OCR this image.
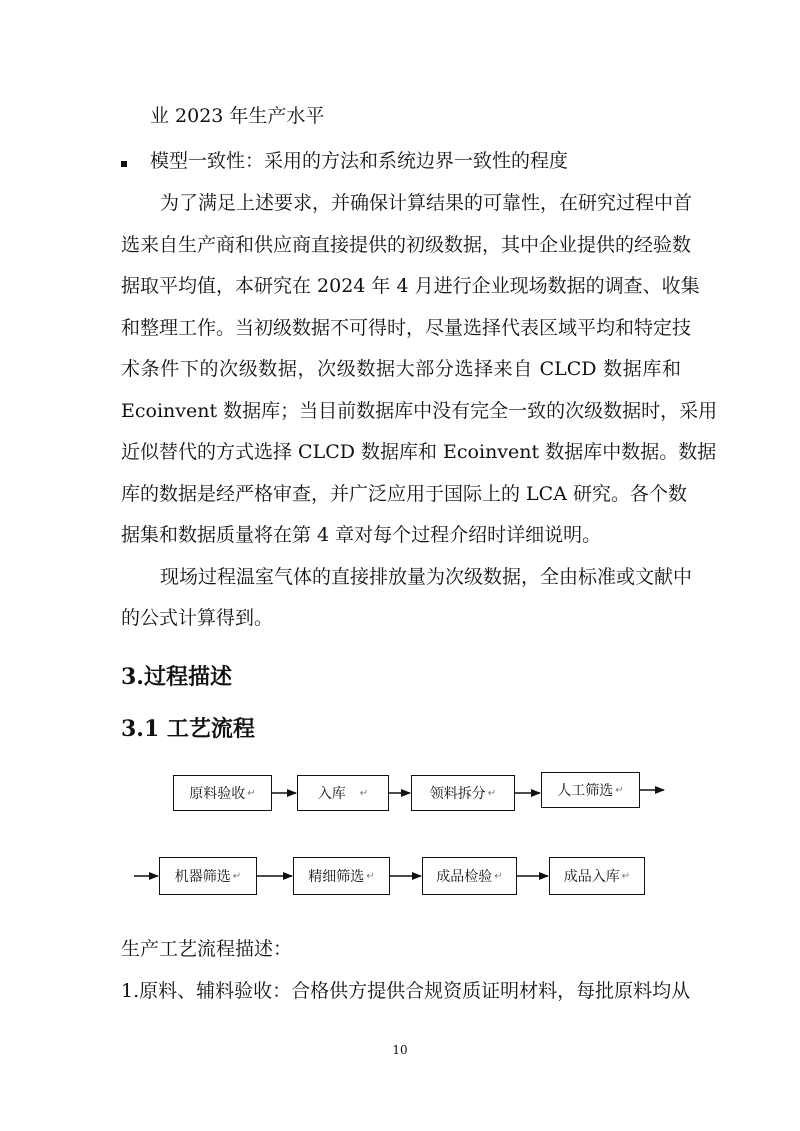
业 2023 年生产水平
模型一致性：采用的方法和系统边界一致性的程度
为了满足上述要求，并确保计算结果的可靠性，在研究过程中首
选来自生产商和供应商直接提供的初级数据，其中企业提供的经验数
据取平均值，本研究在 2024 年 4 月进行企业现场数据的调查、收集
和整理工作。当初级数据不可得时，尽量选择代表区域平均和特定技
术条件下的次级数据，次级数据大部分选择来自 CLCD 数据库和
Ecoinvent 数据库；当目前数据库中没有完全一致的次级数据时，采用
近似替代的方式选择 CLCD 数据库和 Ecoinvent 数据库中数据。数据
库的数据是经严格审查，并广泛应用于国际上的 LCA 研究。各个数
据集和数据质量将在第 4 章对每个过程介绍时详细说明。
现场过程温室气体的直接排放量为次级数据，全由标准或文献中
的公式计算得到。
3.过程描述
3.1 工艺流程
原料验收 ↵	入库 ↵	领料拆分 ↵	人工筛选 ↵
机器筛选 ↵	精细筛选 ↵	成品检验 ↵	成品入库 ↵
生产工艺流程描述：
1.原料、辅料验收：合格供方提供合规资质证明材料，每批原料均从
10
